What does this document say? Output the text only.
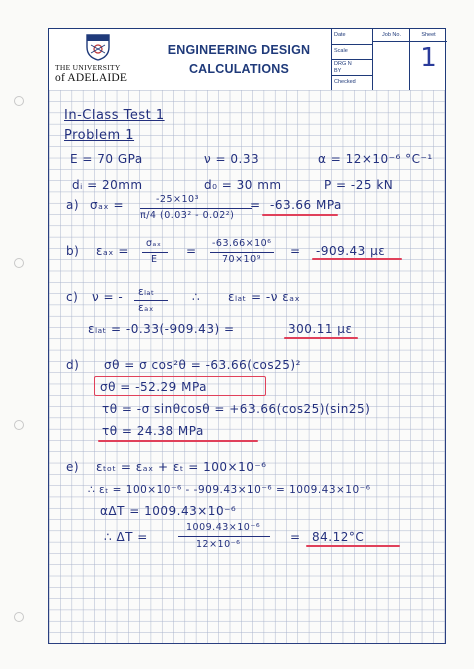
THE UNIVERSITY
of ADELAIDE
ENGINEERING DESIGN
CALCULATIONS
Date
Scale
DRG N
BY
Checked
Job No.	Sheet
1
In-Class Test 1
Problem 1
E = 70 GPa	ν = 0.33	α = 12×10⁻⁶ °C⁻¹
dᵢ = 20mm	d₀ = 30 mm	P = -25 kN
a) σₐₓ =	-25×10³
π/4 (0.03² - 0.02²)
= -63.66 MPa
b) εₐₓ =
σₐₓ
E
=
-63.66×10⁶
70×10⁹
= -909.43 με
c) ν = - εₗₐₜ
εₐₓ
∴ εₗₐₜ = -ν εₐₓ
εₗₐₜ = -0.33(-909.43) =	300.11 με
d) σθ = σ cos²θ = -63.66(cos25)²
σθ = -52.29 MPa
τθ = -σ sinθcosθ = +63.66(cos25)(sin25)
τθ = 24.38 MPa
e) εₜₒₜ = εₐₓ + εₜ = 100×10⁻⁶
∴ εₜ = 100×10⁻⁶ - -909.43×10⁻⁶ = 1009.43×10⁻⁶
αΔT = 1009.43×10⁻⁶
∴ ΔT =
1009.43×10⁻⁶
12×10⁻⁶
= 84.12°C
